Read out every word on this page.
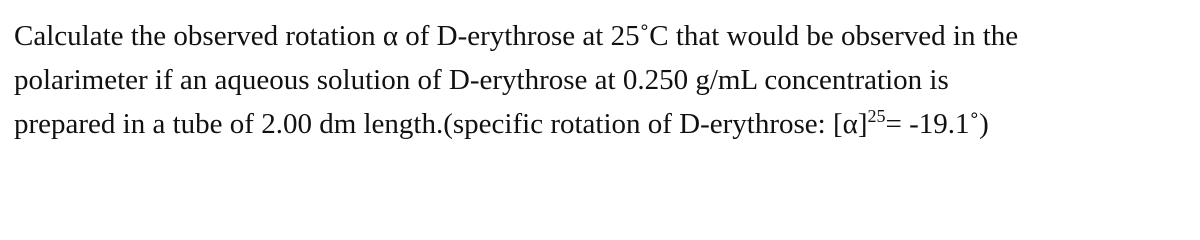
Calculate the observed rotation α of D-erythrose at 25˚C that would be observed in the
polarimeter if an aqueous solution of D-erythrose at 0.250 g/mL concentration is
prepared in a tube of 2.00 dm length.(specific rotation of D-erythrose: $[\alpha]^{25}=$ -19.1˚)
